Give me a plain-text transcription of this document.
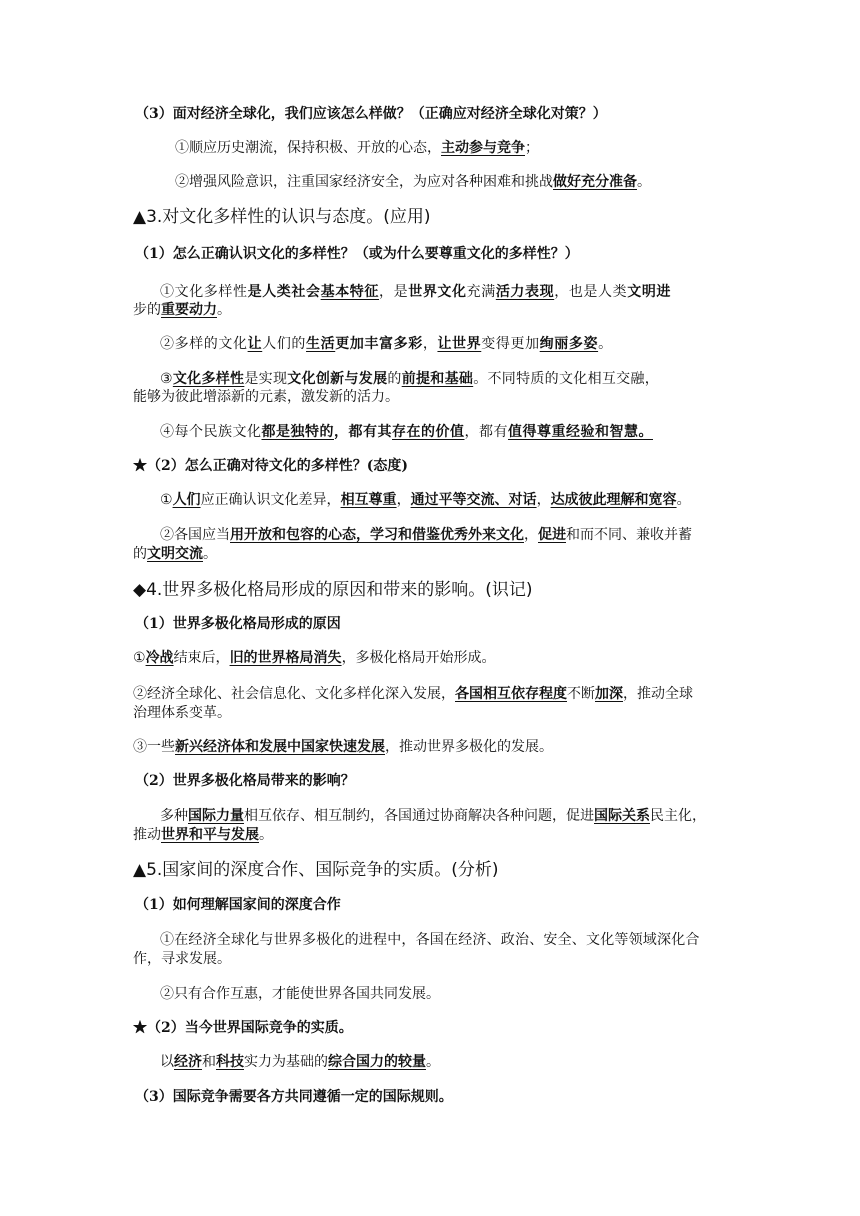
（3）面对经济全球化，我们应该怎么样做？（正确应对经济全球化对策？）
①顺应历史潮流，保持积极、开放的心态，主动参与竞争；
②增强风险意识，注重国家经济安全，为应对各种困难和挑战做好充分准备。
▲3.对文化多样性的认识与态度。(应用)
（1）怎么正确认识文化的多样性？（或为什么要尊重文化的多样性？）
①文化多样性是人类社会基本特征，是世界文化充满活力表现，也是人类文明进
步的重要动力。
②多样的文化让人们的生活更加丰富多彩，让世界变得更加绚丽多姿。
③文化多样性是实现文化创新与发展的前提和基础。不同特质的文化相互交融，
能够为彼此增添新的元素，激发新的活力。
④每个民族文化都是独特的，都有其存在的价值，都有值得尊重经验和智慧。
★（2）怎么正确对待文化的多样性？(态度)
①人们应正确认识文化差异，相互尊重，通过平等交流、对话，达成彼此理解和宽容。
②各国应当用开放和包容的心态，学习和借鉴优秀外来文化，促进和而不同、兼收并蓄
的文明交流。
◆4.世界多极化格局形成的原因和带来的影响。(识记)
（1）世界多极化格局形成的原因
①冷战结束后，旧的世界格局消失，多极化格局开始形成。
②经济全球化、社会信息化、文化多样化深入发展，各国相互依存程度不断加深，推动全球
治理体系变革。
③一些新兴经济体和发展中国家快速发展，推动世界多极化的发展。
（2）世界多极化格局带来的影响？
多种国际力量相互依存、相互制约，各国通过协商解决各种问题，促进国际关系民主化，
推动世界和平与发展。
▲5.国家间的深度合作、国际竞争的实质。(分析)
（1）如何理解国家间的深度合作
①在经济全球化与世界多极化的进程中，各国在经济、政治、安全、文化等领域深化合
作，寻求发展。
②只有合作互惠，才能使世界各国共同发展。
★（2）当今世界国际竞争的实质。
以经济和科技实力为基础的综合国力的较量。
（3）国际竞争需要各方共同遵循一定的国际规则。
